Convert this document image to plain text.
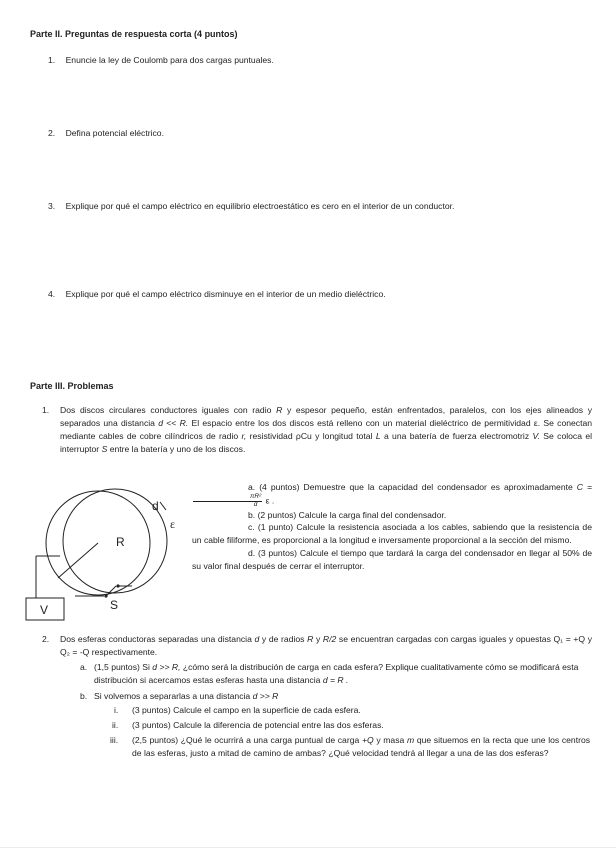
Parte II. Preguntas de respuesta corta (4 puntos)
1. Enuncie la ley de Coulomb para dos cargas puntuales.
2. Defina potencial eléctrico.
3. Explique por qué el campo eléctrico en equilibrio electroestático es cero en el interior de un conductor.
4. Explique por qué el campo eléctrico disminuye en el interior de un medio dieléctrico.
Parte III. Problemas
1. Dos discos circulares conductores iguales con radio R y espesor pequeño, están enfrentados, paralelos, con los ejes alineados y separados una distancia d << R. El espacio entre los dos discos está relleno con un material dieléctrico de permitividad ε. Se conectan mediante cables de cobre cilíndricos de radio r, resistividad ρCu y longitud total L a una batería de fuerza electromotriz V. Se coloca el interruptor S entre la batería y uno de los discos.
R
d
ε
V	S
a. (4 puntos) Demuestre que la capacidad del condensador es aproximadamente C =
$\frac{\text{πR²}}{d}$ ε .
b. (2 puntos) Calcule la carga final del condensador.
c. (1 punto) Calcule la resistencia asociada a los cables, sabiendo que la resistencia de un cable filiforme, es proporcional a la longitud e inversamente proporcional a la sección del mismo.
d. (3 puntos) Calcule el tiempo que tardará la carga del condensador en llegar al 50% de su valor final después de cerrar el interruptor.
2. Dos esferas conductoras separadas una distancia d y de radios R y R/2 se encuentran cargadas con cargas iguales y opuestas Q₁ = +Q y Q₂ = -Q respectivamente.
a. (1,5 puntos) Si d >> R, ¿cómo será la distribución de carga en cada esfera? Explique cualitativamente cómo se modificará esta distribución si acercamos estas esferas hasta una distancia d = R .
b. Si volvemos a separarlas a una distancia d >> R
i. (3 puntos) Calcule el campo en la superficie de cada esfera.
ii. (3 puntos) Calcule la diferencia de potencial entre las dos esferas.
iii. (2,5 puntos) ¿Qué le ocurrirá a una carga puntual de carga +Q y masa m que situemos en la recta que une los centros de las esferas, justo a mitad de camino de ambas? ¿Qué velocidad tendrá al llegar a una de las dos esferas?
